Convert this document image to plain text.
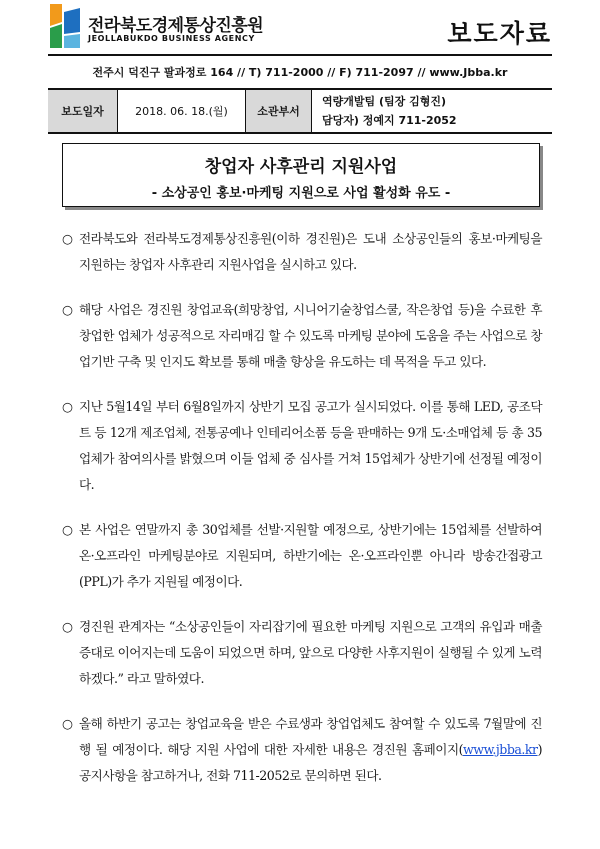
전라북도경제통상진흥원
JEOLLABUKDO BUSINESS AGENCY	보도자료
전주시 덕진구 팔과정로 164 // T) 711-2000 // F) 711-2097 // www.Jbba.kr
보도일자	2018. 06. 18.(월)	소관부서
역량개발팀 (팀장 김형진)
담당자) 정예지 711-2052
창업자 사후관리 지원사업
- 소상공인 홍보·마케팅 지원으로 사업 활성화 유도 -
○ 전라북도와 전라북도경제통상진흥원(이하 경진원)은 도내 소상공인들의 홍보·마케팅을 지원하는 창업자 사후관리 지원사업을 실시하고 있다.
○ 해당 사업은 경진원 창업교육(희망창업, 시니어기술창업스쿨, 작은창업 등)을 수료한 후 창업한 업체가 성공적으로 자리매김 할 수 있도록 마케팅 분야에 도움을 주는 사업으로 창업기반 구축 및 인지도 확보를 통해 매출 향상을 유도하는 데 목적을 두고 있다.
○ 지난 5월14일 부터 6월8일까지 상반기 모집 공고가 실시되었다. 이를 통해 LED, 공조닥트 등 12개 제조업체, 전통공예나 인테리어소품 등을 판매하는 9개 도·소매업체 등 총 35업체가 참여의사를 밝혔으며 이들 업체 중 심사를 거쳐 15업체가 상반기에 선정될 예정이다.
○ 본 사업은 연말까지 총 30업체를 선발·지원할 예정으로, 상반기에는 15업체를 선발하여 온·오프라인 마케팅분야로 지원되며, 하반기에는 온·오프라인뿐 아니라 방송간접광고(PPL)가 추가 지원될 예정이다.
○ 경진원 관계자는 “소상공인들이 자리잡기에 필요한 마케팅 지원으로 고객의 유입과 매출증대로 이어지는데 도움이 되었으면 하며, 앞으로 다양한 사후지원이 실행될 수 있게 노력하겠다.” 라고 말하였다.
○ 올해 하반기 공고는 창업교육을 받은 수료생과 창업업체도 참여할 수 있도록 7월말에 진행 될 예정이다. 해당 지원 사업에 대한 자세한 내용은 경진원 홈페이지(www.jbba.kr) 공지사항을 참고하거나, 전화 711-2052로 문의하면 된다.
